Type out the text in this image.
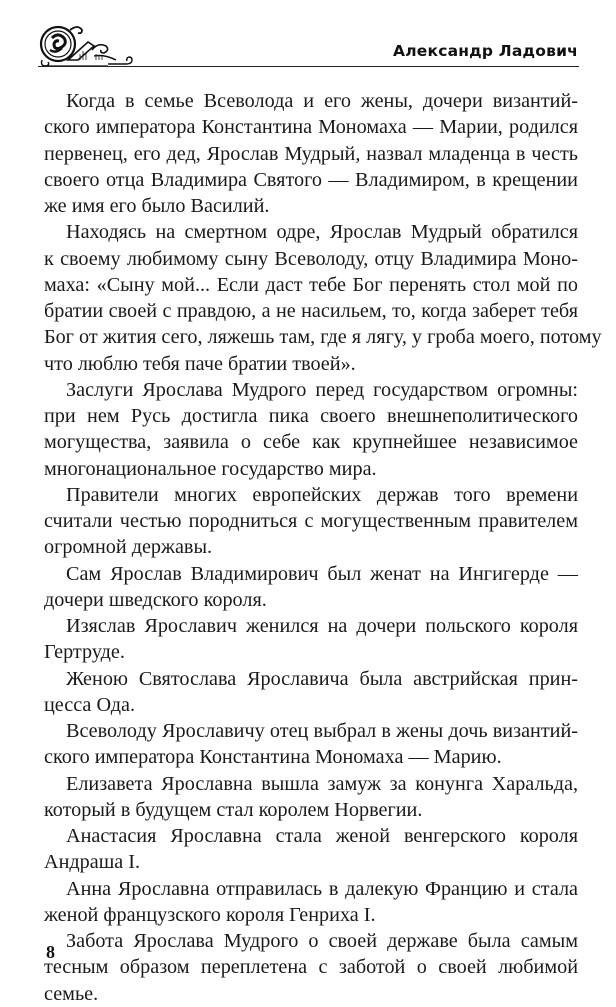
Александр Ладович
Когда в семье Всеволода и его жены, дочери византий-
ского императора Константина Мономаха — Марии, родился
первенец, его дед, Ярослав Мудрый, назвал младенца в честь
своего отца Владимира Святого — Владимиром, в крещении
же имя его было Василий.
Находясь на смертном одре, Ярослав Мудрый обратился
к своему любимому сыну Всеволоду, отцу Владимира Моно-
маха: «Сыну мой... Если даст тебе Бог перенять стол мой по
братии своей с правдою, а не насильем, то, когда заберет тебя
Бог от жития сего, ляжешь там, где я лягу, у гроба моего, потому
что люблю тебя паче братии твоей».
Заслуги Ярослава Мудрого перед государством огромны:
при нем Русь достигла пика своего внешнеполитического
могущества, заявила о себе как крупнейшее независимое
многонациональное государство мира.
Правители многих европейских держав того времени
считали честью породниться с могущественным правителем
огромной державы.
Сам Ярослав Владимирович был женат на Ингигерде —
дочери шведского короля.
Изяслав Ярославич женился на дочери польского короля
Гертруде.
Женою Святослава Ярославича была австрийская прин-
цесса Ода.
Всеволоду Ярославичу отец выбрал в жены дочь византий-
ского императора Константина Мономаха — Марию.
Елизавета Ярославна вышла замуж за конунга Харальда,
который в будущем стал королем Норвегии.
Анастасия Ярославна стала женой венгерского короля
Андраша I.
Анна Ярославна отправилась в далекую Францию и стала
женой французского короля Генриха I.
Забота Ярослава Мудрого о своей державе была самым
тесным образом переплетена с заботой о своей любимой
семье.
8
